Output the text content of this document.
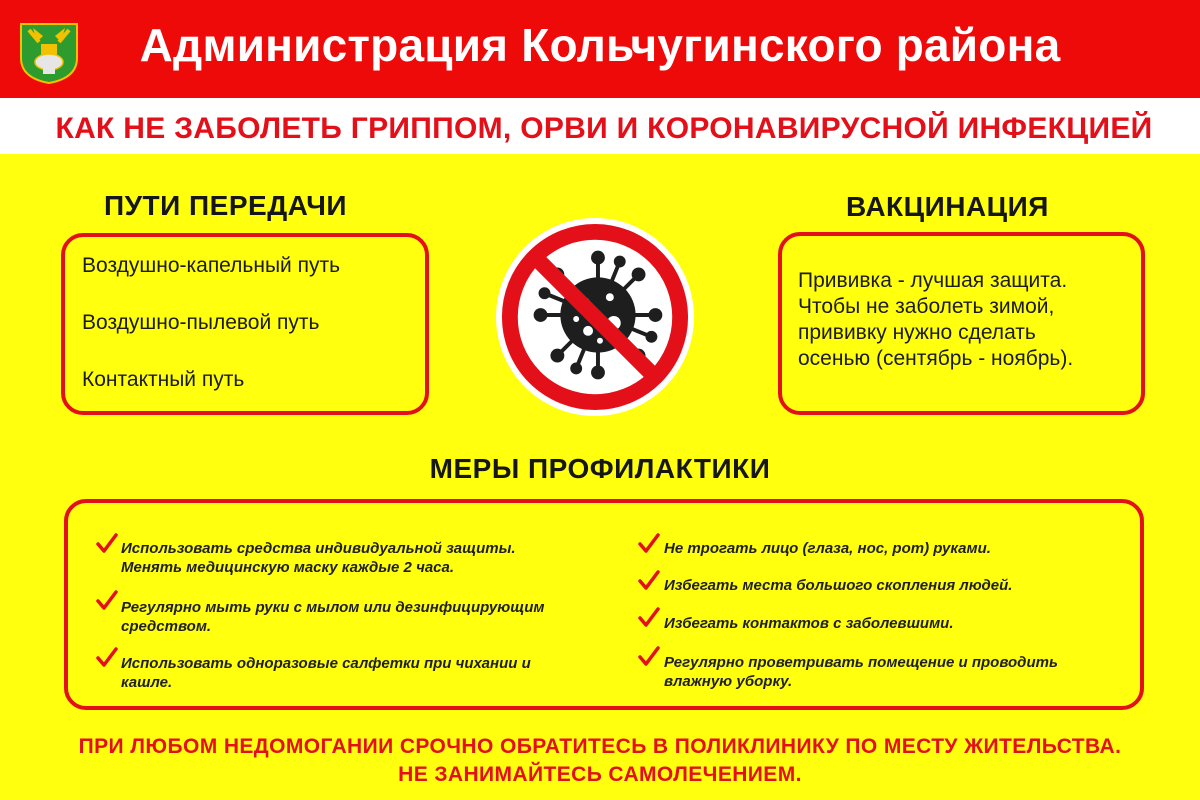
Администрация Кольчугинского района
КАК НЕ ЗАБОЛЕТЬ ГРИППОМ, ОРВИ И КОРОНАВИРУСНОЙ ИНФЕКЦИЕЙ
ПУТИ ПЕРЕДАЧИ
Воздушно-капельный путь
Воздушно-пылевой путь
Контактный путь
ВАКЦИНАЦИЯ
Прививка - лучшая защита.
Чтобы не заболеть зимой,
прививку нужно сделать
осенью (сентябрь - ноябрь).
МЕРЫ ПРОФИЛАКТИКИ
Использовать средства индивидуальной защиты.
Менять медицинскую маску каждые 2 часа.
Регулярно мыть руки с мылом или дезинфицирующим
средством.
Использовать одноразовые салфетки при чихании и
кашле.
Не трогать лицо (глаза, нос, рот) руками.
Избегать места большого скопления людей.
Избегать контактов с заболевшими.
Регулярно проветривать помещение и проводить
влажную уборку.
ПРИ ЛЮБОМ НЕДОМОГАНИИ СРОЧНО ОБРАТИТЕСЬ В ПОЛИКЛИНИКУ ПО МЕСТУ ЖИТЕЛЬСТВА.
НЕ ЗАНИМАЙТЕСЬ САМОЛЕЧЕНИЕМ.
